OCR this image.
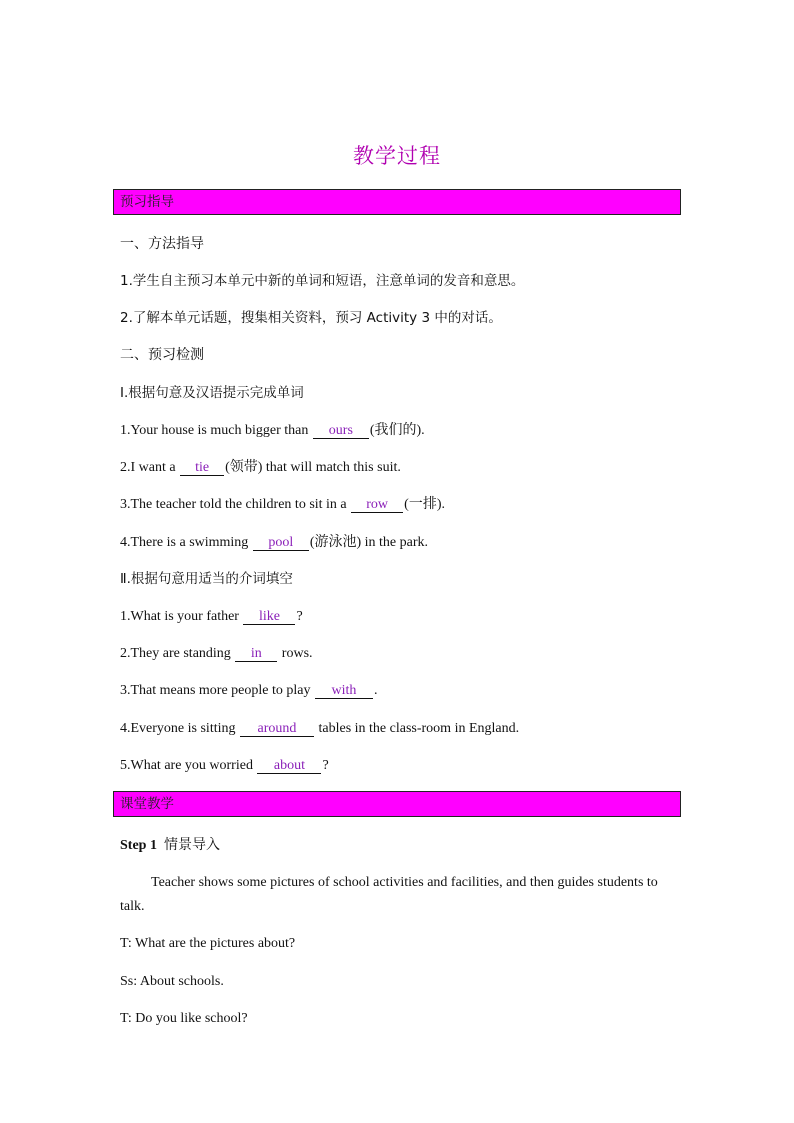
教学过程
预习指导
一、方法指导
1.学生自主预习本单元中新的单词和短语，注意单词的发音和意思。
2.了解本单元话题，搜集相关资料，预习 Activity 3 中的对话。
二、预习检测
Ⅰ.根据句意及汉语提示完成单词
1.Your house is much bigger than ours (我们的).
2.I want a tie (领带) that will match this suit.
3.The teacher told the children to sit in a row (一排).
4.There is a swimming pool (游泳池) in the park.
Ⅱ.根据句意用适当的介词填空
1.What is your father like ?
2.They are standing in rows.
3.That means more people to play with .
4.Everyone is sitting around tables in the class-room in England.
5.What are you worried about ?
课堂教学
Step 1 情景导入
Teacher shows some pictures of school activities and facilities, and then guides students to talk.
T: What are the pictures about?
Ss: About schools.
T: Do you like school?
